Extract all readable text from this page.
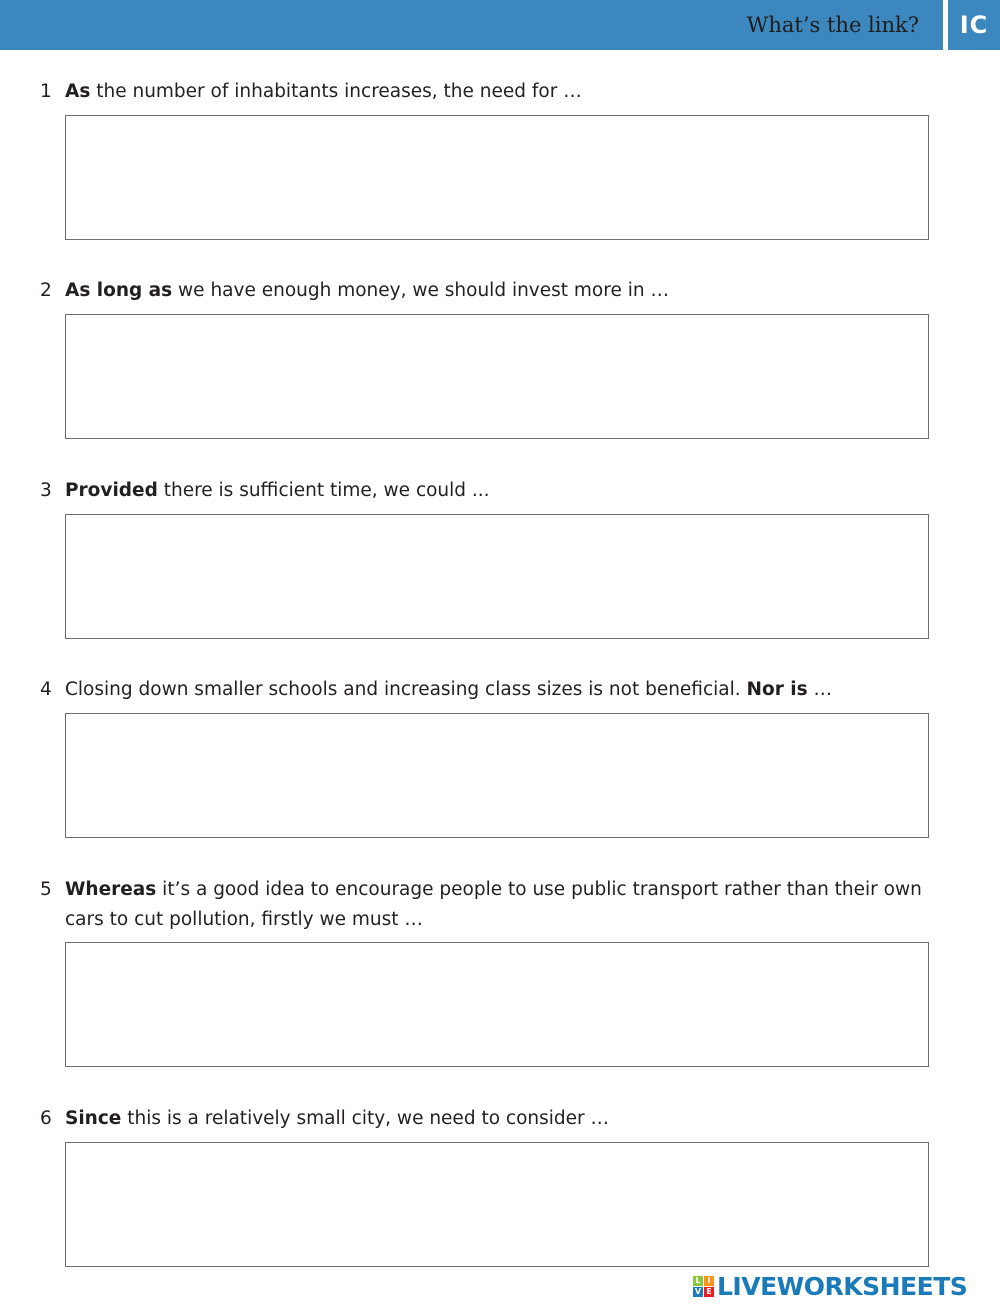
What’s the link?	IC
1 As the number of inhabitants increases, the need for …
2 As long as we have enough money, we should invest more in …
3 Provided there is sufficient time, we could ...
4 Closing down smaller schools and increasing class sizes is not beneficial. Nor is …
5 Whereas it’s a good idea to encourage people to use public transport rather than their own cars to cut pollution, firstly we must …
6 Since this is a relatively small city, we need to consider …
L I
V E LIVEWORKSHEETS
